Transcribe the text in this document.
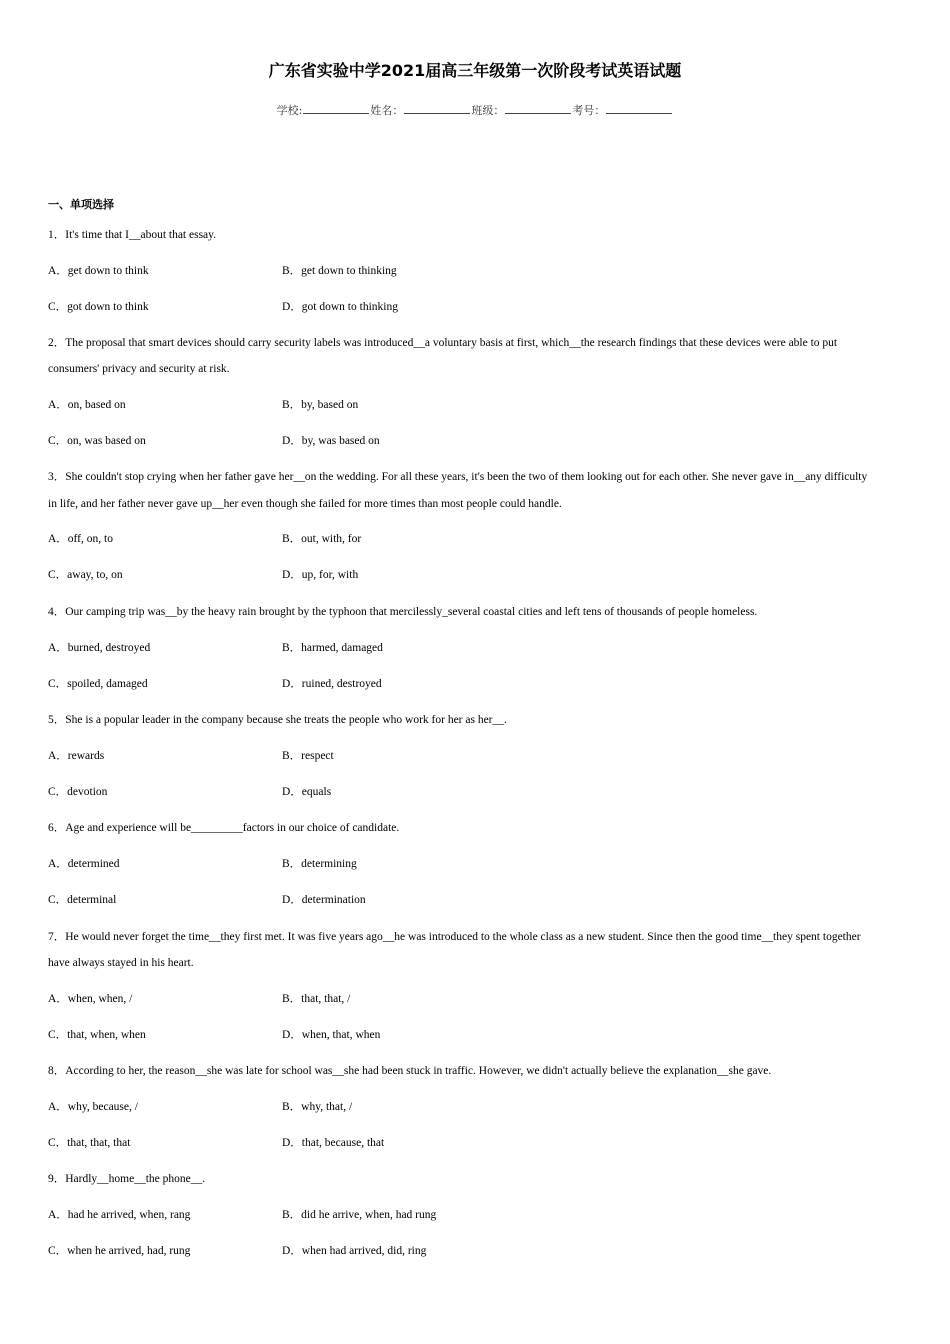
广东省实验中学2021届高三年级第一次阶段考试英语试题
学校:	姓名：	班级：	考号：
一、单项选择
1．It's time that I__about that essay.
A．get down to think	B．get down to thinking
C．got down to think	D．got down to thinking
2．The proposal that smart devices should carry security labels was introduced__a voluntary basis at first, which__the research findings that these devices were able to put
consumers' privacy and security at risk.
A．on, based on	B．by, based on
C．on, was based on	D．by, was based on
3．She couldn't stop crying when her father gave her__on the wedding. For all these years, it's been the two of them looking out for each other. She never gave in__any difficulty
in life, and her father never gave up__her even though she failed for more times than most people could handle.
A．off, on, to	B．out, with, for
C．away, to, on	D．up, for, with
4．Our camping trip was__by the heavy rain brought by the typhoon that mercilessly_several coastal cities and left tens of thousands of people homeless.
A．burned, destroyed	B．harmed, damaged
C．spoiled, damaged	D．ruined, destroyed
5．She is a popular leader in the company because she treats the people who work for her as her__.
A．rewards	B．respect
C．devotion	D．equals
6．Age and experience will be_________factors in our choice of candidate.
A．determined	B．determining
C．determinal	D．determination
7．He would never forget the time__they first met. It was five years ago__he was introduced to the whole class as a new student. Since then the good time__they spent together
have always stayed in his heart.
A．when, when, /	B．that, that, /
C．that, when, when	D．when, that, when
8．According to her, the reason__she was late for school was__she had been stuck in traffic. However, we didn't actually believe the explanation__she gave.
A．why, because, /	B．why, that, /
C．that, that, that	D．that, because, that
9．Hardly__home__the phone__.
A．had he arrived, when, rang	B．did he arrive, when, had rung
C．when he arrived, had, rung	D．when had arrived, did, ring
